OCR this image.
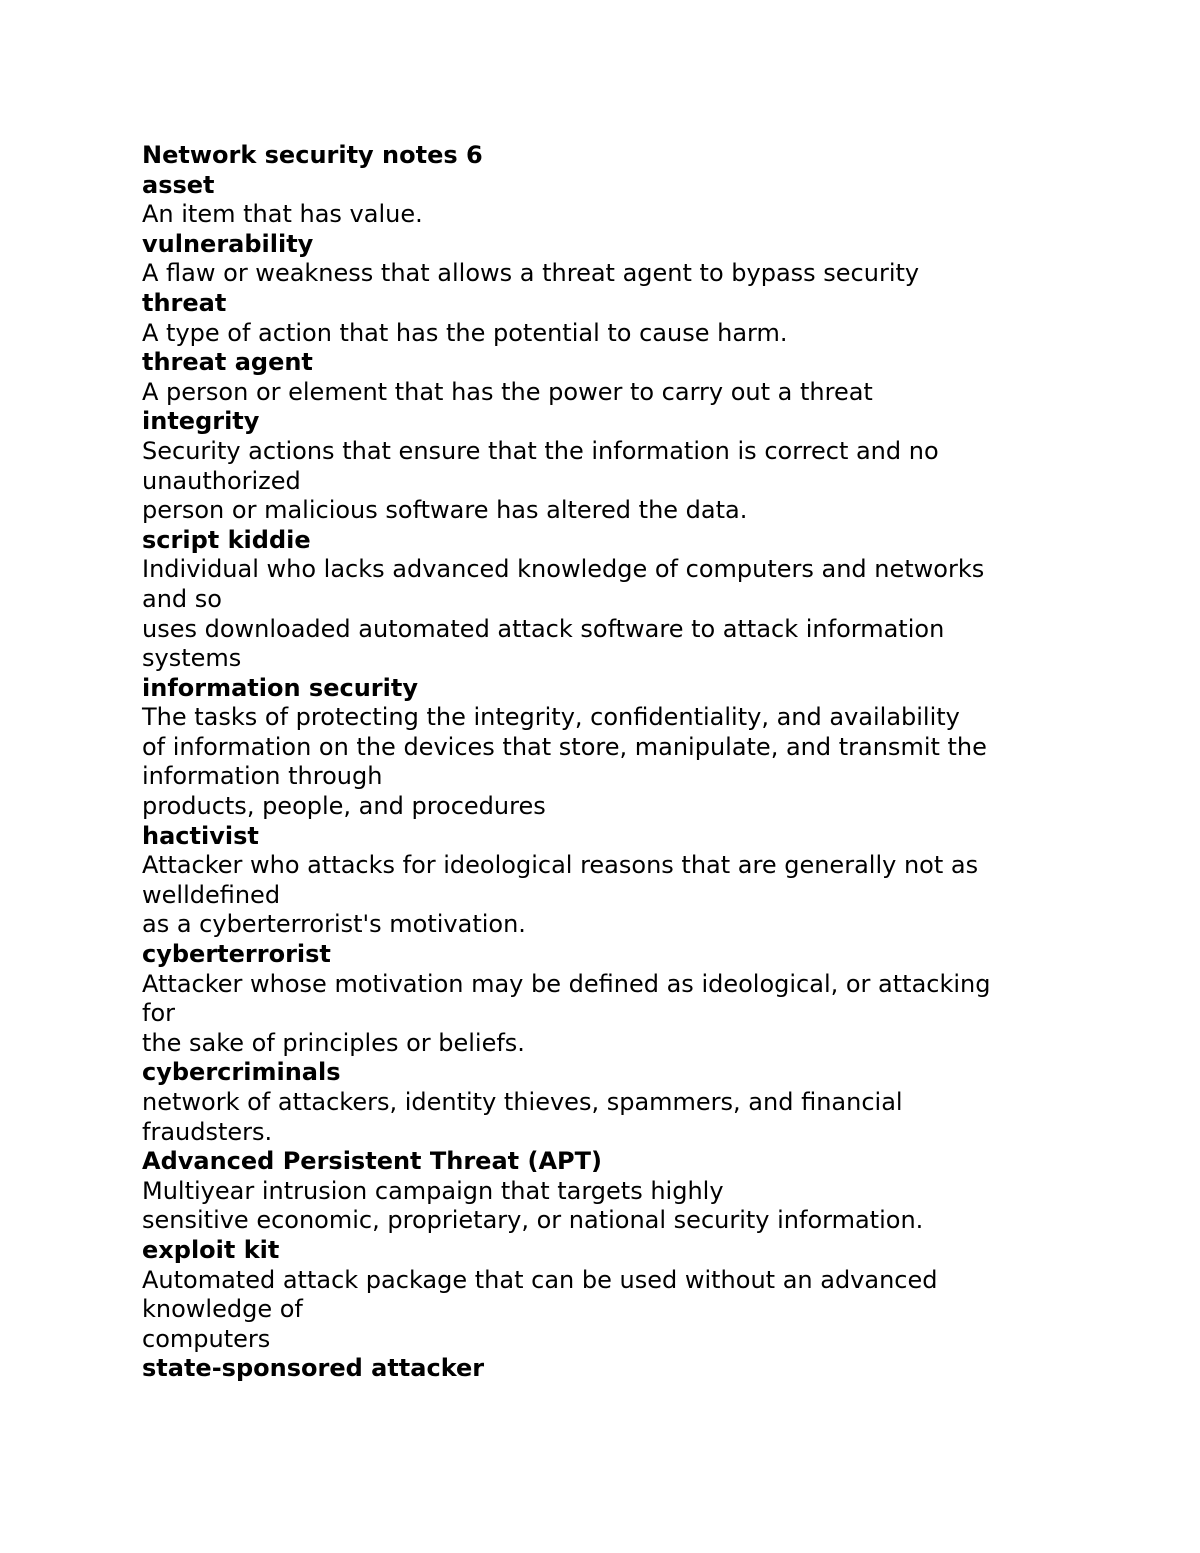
Network security notes 6
asset
An item that has value.
vulnerability
A flaw or weakness that allows a threat agent to bypass security
threat
A type of action that has the potential to cause harm.
threat agent
A person or element that has the power to carry out a threat
integrity
Security actions that ensure that the information is correct and no
unauthorized
person or malicious software has altered the data.
script kiddie
Individual who lacks advanced knowledge of computers and networks
and so
uses downloaded automated attack software to attack information
systems
information security
The tasks of protecting the integrity, confidentiality, and availability
of information on the devices that store, manipulate, and transmit the
information through
products, people, and procedures
hactivist
Attacker who attacks for ideological reasons that are generally not as
welldefined
as a cyberterrorist's motivation.
cyberterrorist
Attacker whose motivation may be defined as ideological, or attacking
for
the sake of principles or beliefs.
cybercriminals
network of attackers, identity thieves, spammers, and financial
fraudsters.
Advanced Persistent Threat (APT)
Multiyear intrusion campaign that targets highly
sensitive economic, proprietary, or national security information.
exploit kit
Automated attack package that can be used without an advanced
knowledge of
computers
state-sponsored attacker
